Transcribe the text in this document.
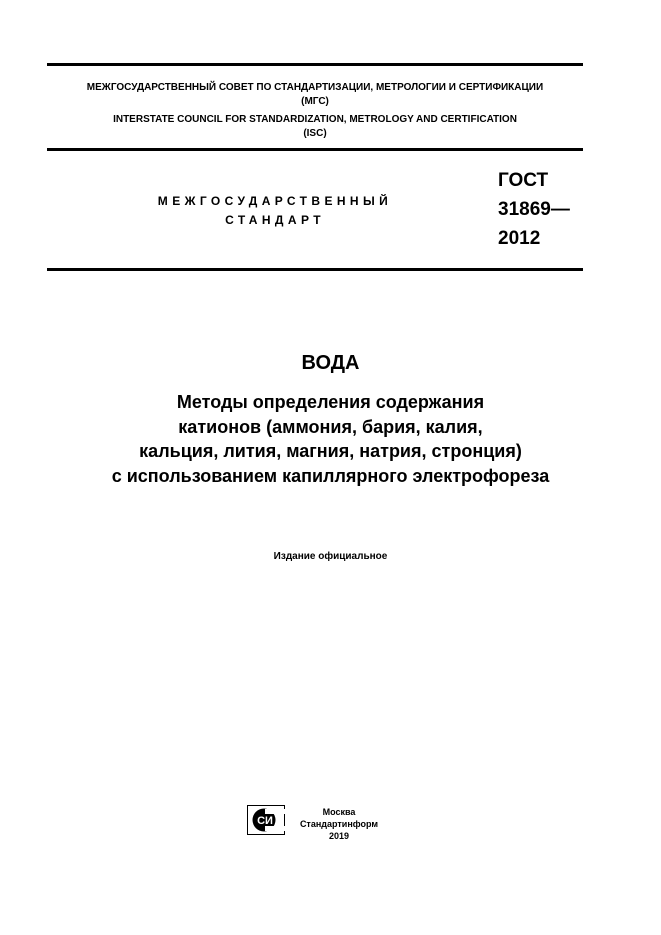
МЕЖГОСУДАРСТВЕННЫЙ СОВЕТ ПО СТАНДАРТИЗАЦИИ, МЕТРОЛОГИИ И СЕРТИФИКАЦИИ
(МГС)
INTERSTATE COUNCIL FOR STANDARDIZATION, METROLOGY AND CERTIFICATION
(ISC)
МЕЖГОСУДАРСТВЕННЫЙ
СТАНДАРТ
ГОСТ
31869—
2012
ВОДА
Методы определения содержания
катионов (аммония, бария, калия,
кальция, лития, магния, натрия, стронция)
с использованием капиллярного электрофореза
Издание официальное
СИ
Москва
Стандартинформ
2019
